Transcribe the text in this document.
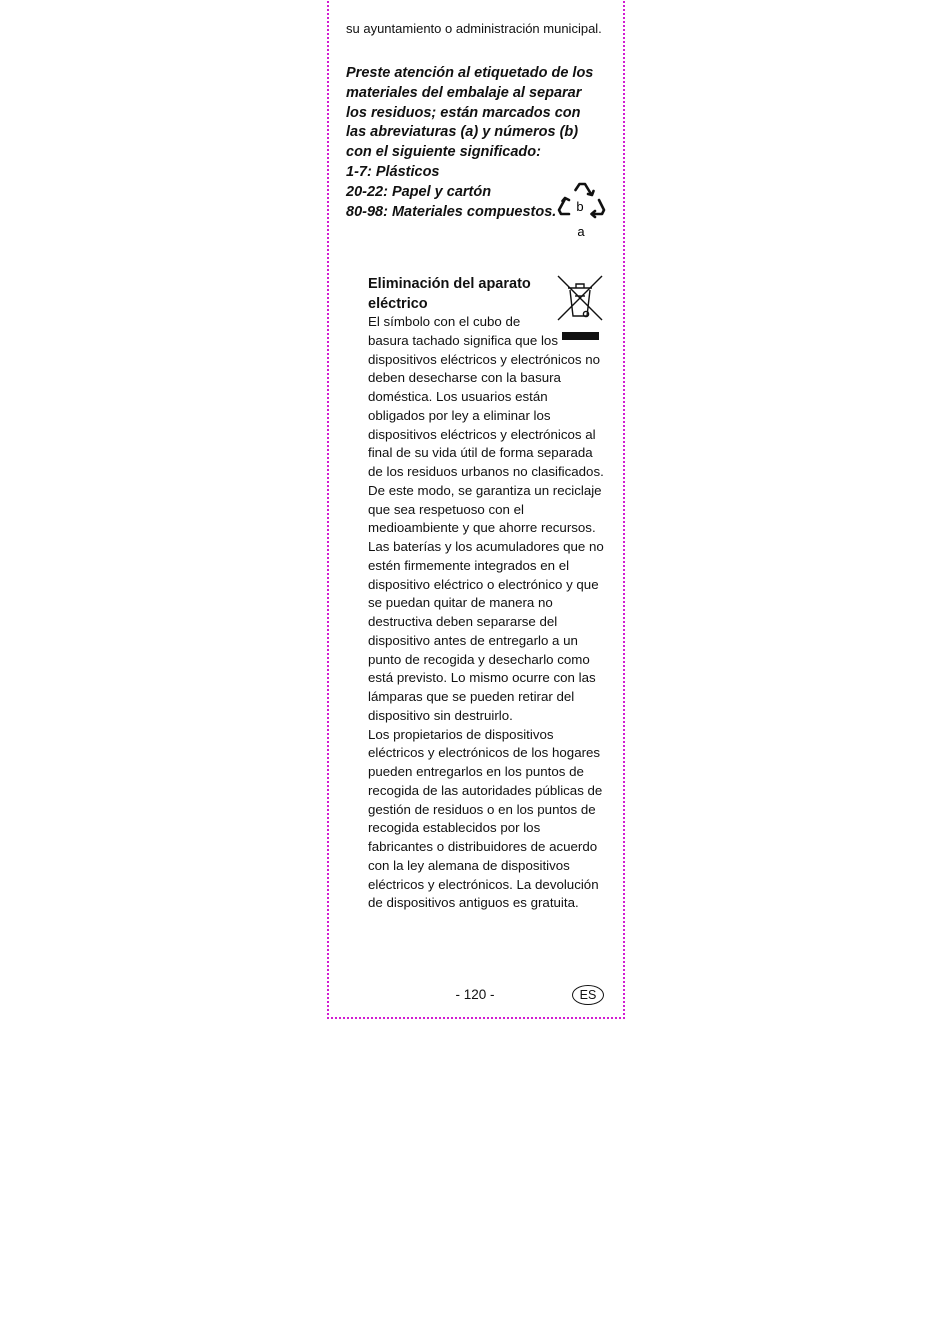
su ayuntamiento o administración municipal.

Preste atención al etiquetado de los materiales del embalaje al separar los residuos; están marcados con las abreviaturas (a) y números (b) con el siguiente significado:

1-7: Plásticos

20-22: Papel y cartón

80-98: Materiales compuestos.	b
a
Eliminación del aparato eléctrico

El símbolo con el cubo de basura tachado significa que los dispositivos eléctricos y electrónicos no deben desecharse con la basura doméstica. Los usuarios están obligados por ley a eliminar los dispositivos eléctricos y electrónicos al final de su vida útil de forma separada de los residuos urbanos no clasificados. De este modo, se garantiza un reciclaje que sea respetuoso con el medioambiente y que ahorre recursos.

Las baterías y los acumuladores que no estén firmemente integrados en el dispositivo eléctrico o electrónico y que se puedan quitar de manera no destructiva deben separarse del dispositivo antes de entregarlo a un punto de recogida y desecharlo como está previsto. Lo mismo ocurre con las lámparas que se pueden retirar del dispositivo sin destruirlo.

Los propietarios de dispositivos eléctricos y electrónicos de los hogares pueden entregarlos en los puntos de recogida de las autoridades públicas de gestión de residuos o en los puntos de recogida establecidos por los fabricantes o distribuidores de acuerdo con la ley alemana de dispositivos eléctricos y electrónicos. La devolución de dispositivos antiguos es gratuita.

- 120 -	ES
